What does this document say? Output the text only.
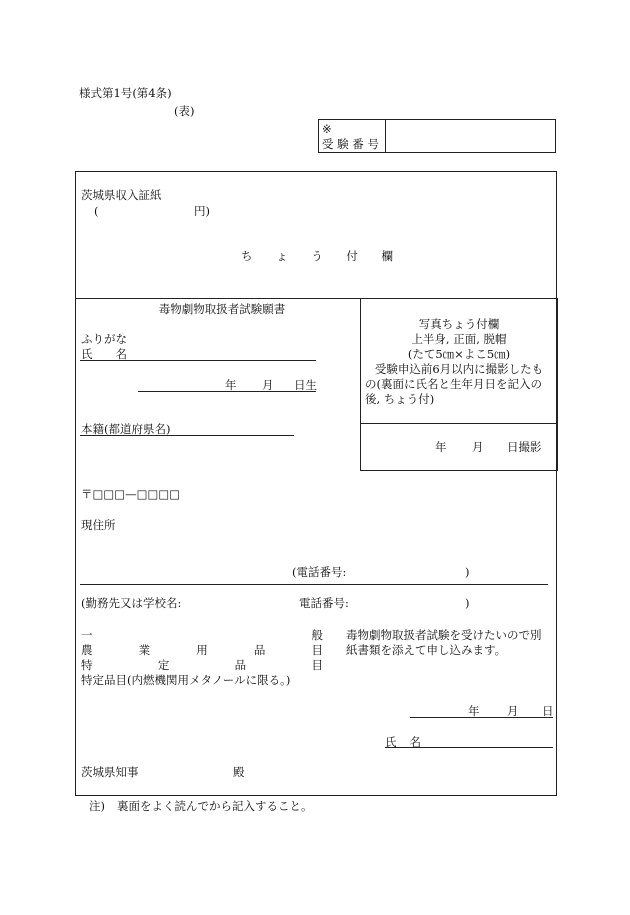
様式第1号(第4条)
(表)
※
受 験 番 号
茨城県収入証紙
(	円)
ち ょ う 付 欄
毒物劇物取扱者試験願書
写真ちょう付欄
上半身, 正面, 脱帽
(たて5㎝×よこ5㎝)
受験申込前6月以内に撮影したも
の(裏面に氏名と生年月日を記入の
後, ちょう付)
年 月 日撮影
ふりがな
氏 名
年 月 日生
本籍(都道府県名)
〒□□□—□□□□
現住所
(電話番号:	)
(勤務先又は学校名:	電話番号:	)
一	般
農	業	用	品	目
特	定	品	目
特定品目(内燃機関用メタノールに限る。)
毒物劇物取扱者試験を受けたいので別
紙書類を添えて申し込みます。
年 月 日
氏 名
茨城県知事	殿
注) 裏面をよく読んでから記入すること。
